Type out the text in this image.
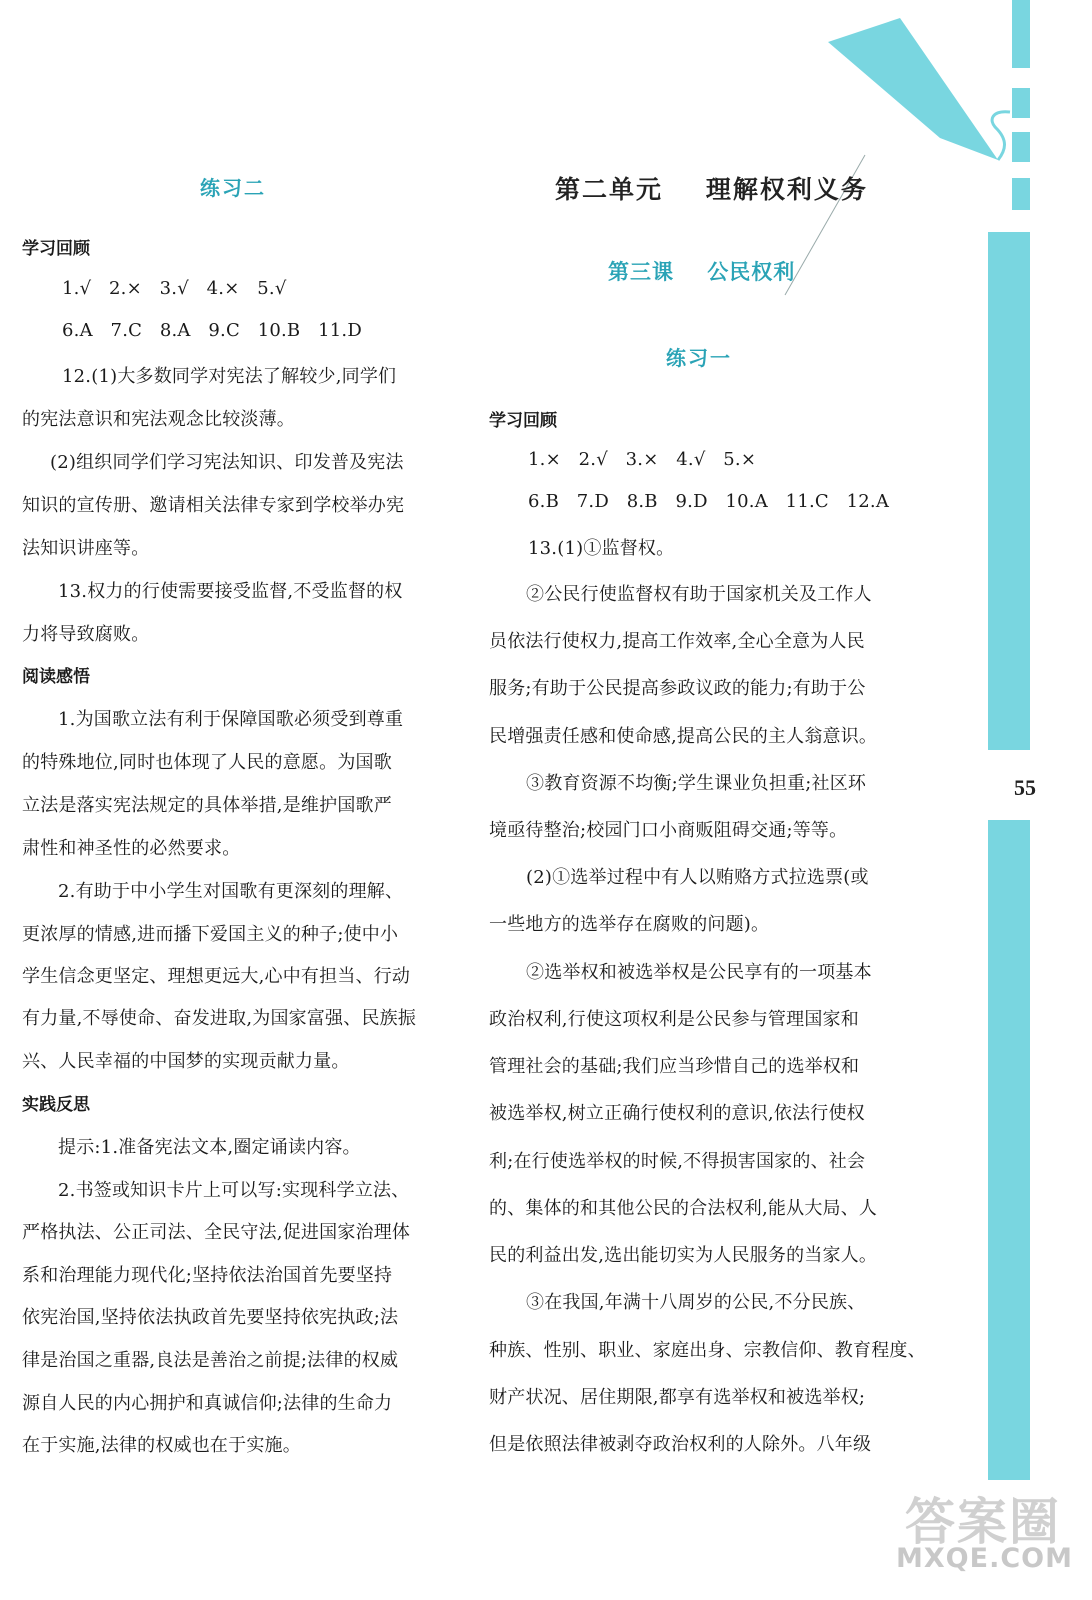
55
练习二
学习回顾
1.√   2.×   3.√   4.×   5.√
6.A   7.C   8.A   9.C   10.B   11.D
12.(1)大多数同学对宪法了解较少,同学们
的宪法意识和宪法观念比较淡薄。
(2)组织同学们学习宪法知识、印发普及宪法
知识的宣传册、邀请相关法律专家到学校举办宪
法知识讲座等。
13.权力的行使需要接受监督,不受监督的权
力将导致腐败。
阅读感悟
1.为国歌立法有利于保障国歌必须受到尊重
的特殊地位,同时也体现了人民的意愿。为国歌
立法是落实宪法规定的具体举措,是维护国歌严
肃性和神圣性的必然要求。
2.有助于中小学生对国歌有更深刻的理解、
更浓厚的情感,进而播下爱国主义的种子;使中小
学生信念更坚定、理想更远大,心中有担当、行动
有力量,不辱使命、奋发进取,为国家富强、民族振
兴、人民幸福的中国梦的实现贡献力量。
实践反思
提示:1.准备宪法文本,圈定诵读内容。
2.书签或知识卡片上可以写:实现科学立法、
严格执法、公正司法、全民守法,促进国家治理体
系和治理能力现代化;坚持依法治国首先要坚持
依宪治国,坚持依法执政首先要坚持依宪执政;法
律是治国之重器,良法是善治之前提;法律的权威
源自人民的内心拥护和真诚信仰;法律的生命力
在于实施,法律的权威也在于实施。
第二单元    理解权利义务
第三课    公民权利
练习一
学习回顾
1.×   2.√   3.×   4.√   5.×
6.B   7.D   8.B   9.D   10.A   11.C   12.A
13.(1)①监督权。
②公民行使监督权有助于国家机关及工作人
员依法行使权力,提高工作效率,全心全意为人民
服务;有助于公民提高参政议政的能力;有助于公
民增强责任感和使命感,提高公民的主人翁意识。
③教育资源不均衡;学生课业负担重;社区环
境亟待整治;校园门口小商贩阻碍交通;等等。
(2)①选举过程中有人以贿赂方式拉选票(或
一些地方的选举存在腐败的问题)。
②选举权和被选举权是公民享有的一项基本
政治权利,行使这项权利是公民参与管理国家和
管理社会的基础;我们应当珍惜自己的选举权和
被选举权,树立正确行使权利的意识,依法行使权
利;在行使选举权的时候,不得损害国家的、社会
的、集体的和其他公民的合法权利,能从大局、人
民的利益出发,选出能切实为人民服务的当家人。
③在我国,年满十八周岁的公民,不分民族、
种族、性别、职业、家庭出身、宗教信仰、教育程度、
财产状况、居住期限,都享有选举权和被选举权;
但是依照法律被剥夺政治权利的人除外。八年级
答案圈
MXQE.COM
